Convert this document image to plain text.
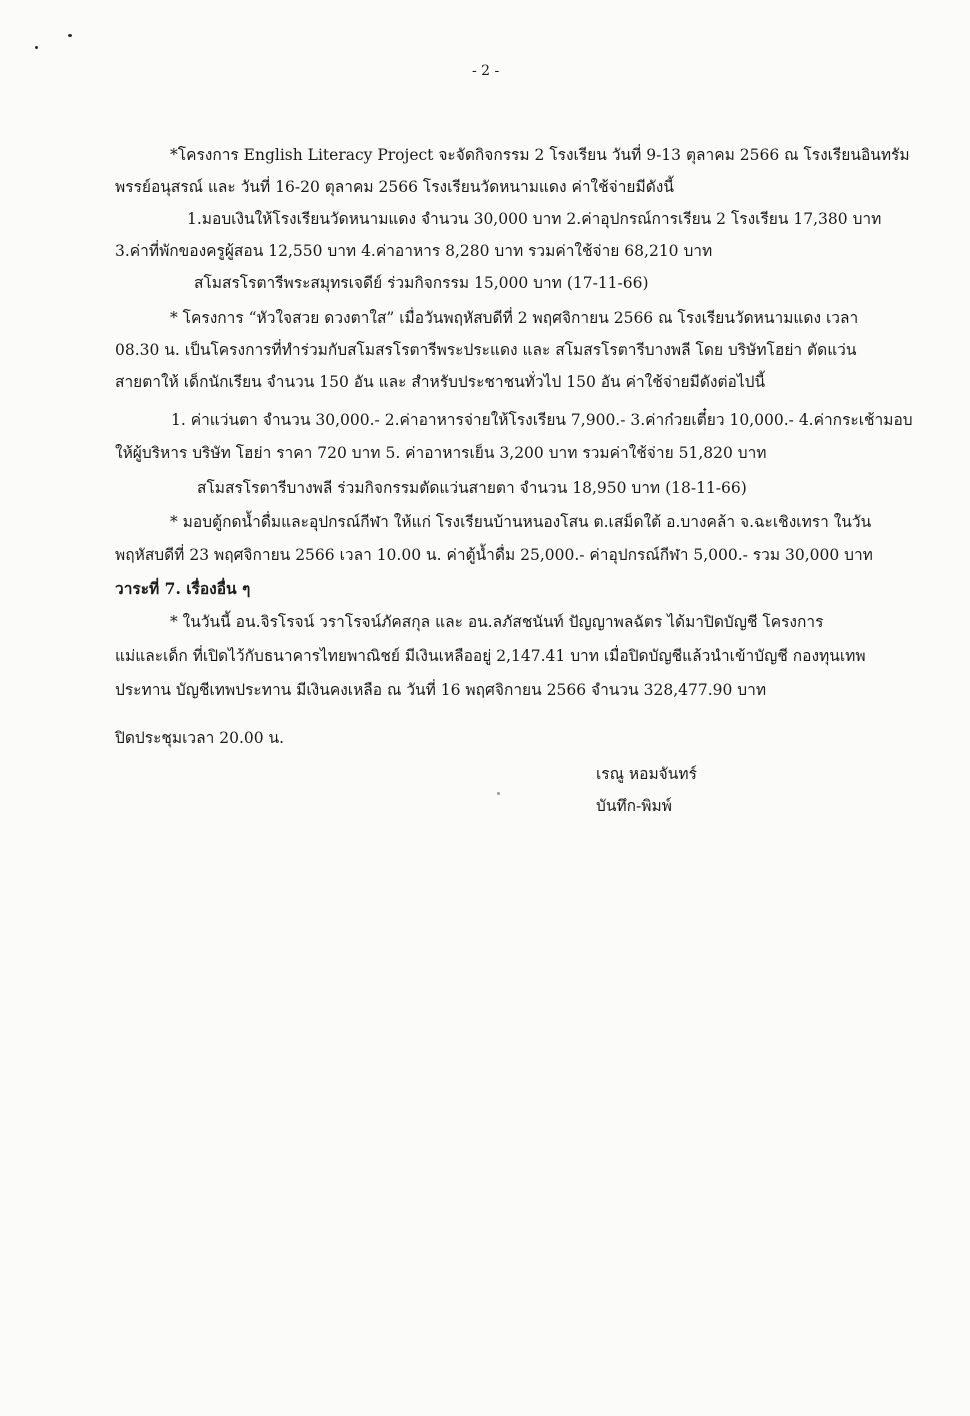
- 2 -
*โครงการ English Literacy Project จะจัดกิจกรรม 2 โรงเรียน วันที่ 9-13 ตุลาคม 2566 ณ โรงเรียนอินทรัม
พรรย์อนุสรณ์ และ วันที่ 16-20 ตุลาคม 2566 โรงเรียนวัดหนามแดง ค่าใช้จ่ายมีดังนี้
1.มอบเงินให้โรงเรียนวัดหนามแดง จำนวน 30,000 บาท 2.ค่าอุปกรณ์การเรียน 2 โรงเรียน 17,380 บาท
3.ค่าที่พักของครูผู้สอน 12,550 บาท 4.ค่าอาหาร 8,280 บาท รวมค่าใช้จ่าย 68,210 บาท
สโมสรโรตารีพระสมุทรเจดีย์ ร่วมกิจกรรม 15,000 บาท (17-11-66)
* โครงการ “หัวใจสวย ดวงตาใส” เมื่อวันพฤหัสบดีที่ 2 พฤศจิกายน 2566 ณ โรงเรียนวัดหนามแดง เวลา
08.30 น. เป็นโครงการที่ทำร่วมกับสโมสรโรตารีพระประแดง และ สโมสรโรตารีบางพลี โดย บริษัทโฮย่า ตัดแว่น
สายตาให้ เด็กนักเรียน จำนวน 150 อัน และ สำหรับประชาชนทั่วไป 150 อัน ค่าใช้จ่ายมีดังต่อไปนี้
1. ค่าแว่นตา จำนวน 30,000.- 2.ค่าอาหารจ่ายให้โรงเรียน 7,900.- 3.ค่าก๋วยเตี๋ยว 10,000.- 4.ค่ากระเช้ามอบ
ให้ผู้บริหาร บริษัท โฮย่า ราคา 720 บาท 5. ค่าอาหารเย็น 3,200 บาท รวมค่าใช้จ่าย 51,820 บาท
สโมสรโรตารีบางพลี ร่วมกิจกรรมตัดแว่นสายตา จำนวน 18,950 บาท (18-11-66)
* มอบตู้กดน้ำดื่มและอุปกรณ์กีฬา ให้แก่ โรงเรียนบ้านหนองโสน ต.เสม็ดใต้ อ.บางคล้า จ.ฉะเชิงเทรา ในวัน
พฤหัสบดีที่ 23 พฤศจิกายน 2566 เวลา 10.00 น. ค่าตู้น้ำดื่ม 25,000.- ค่าอุปกรณ์กีฬา 5,000.- รวม 30,000 บาท
วาระที่ 7. เรื่องอื่น ๆ
* ในวันนี้ อน.จิรโรจน์ วราโรจน์ภัคสกุล และ อน.ลภัสชนันท์ ปัญญาพลฉัตร ได้มาปิดบัญชี โครงการ
แม่และเด็ก ที่เปิดไว้กับธนาคารไทยพาณิชย์ มีเงินเหลืออยู่ 2,147.41 บาท เมื่อปิดบัญชีแล้วนำเข้าบัญชี กองทุนเทพ
ประทาน บัญชีเทพประทาน มีเงินคงเหลือ ณ วันที่ 16 พฤศจิกายน 2566 จำนวน 328,477.90 บาท
ปิดประชุมเวลา 20.00 น.
เรณู หอมจันทร์
บันทึก-พิมพ์
